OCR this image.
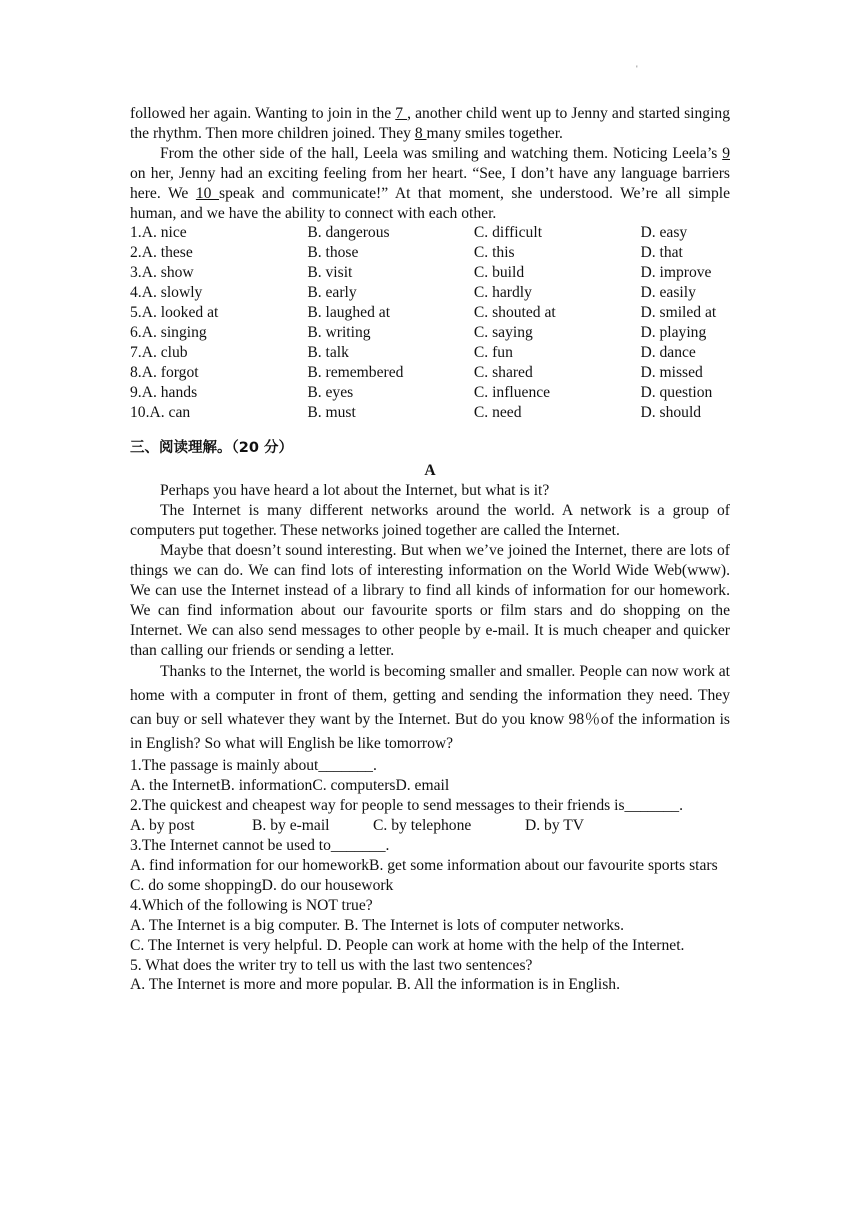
'

followed her again. Wanting to join in the 7 , another child went up to Jenny and started singing the rhythm. Then more children joined. They 8 many smiles together.

From the other side of the hall, Leela was smiling and watching them. Noticing Leela’s 9 on her, Jenny had an exciting feeling from her heart. “See, I don’t have any language barriers here. We 10 speak and communicate!” At that moment, she understood. We’re all simple human, and we have the ability to connect with each other.

1.A. nice	B. dangerous	C. difficult	D. easy
2.A. these	B. those	C. this	D. that
3.A. show	B. visit	C. build	D. improve
4.A. slowly	B. early	C. hardly	D. easily
5.A. looked at	B. laughed at	C. shouted at	D. smiled at
6.A. singing	B. writing	C. saying	D. playing
7.A. club	B. talk	C. fun	D. dance
8.A. forgot	B. remembered	C. shared	D. missed
9.A. hands	B. eyes	C. influence	D. question
10.A. can	B. must	C. need	D. should
三、阅读理解。（20 分）
A

Perhaps you have heard a lot about the Internet, but what is it?

The Internet is many different networks around the world. A network is a group of computers put together. These networks joined together are called the Internet.

Maybe that doesn’t sound interesting. But when we’ve joined the Internet, there are lots of things we can do. We can find lots of interesting information on the World Wide Web(www). We can use the Internet instead of a library to find all kinds of information for our homework. We can find information about our favourite sports or film stars and do shopping on the Internet. We can also send messages to other people by e-mail. It is much cheaper and quicker than calling our friends or sending a letter.

Thanks to the Internet, the world is becoming smaller and smaller. People can now work at home with a computer in front of them, getting and sending the information they need. They can buy or sell whatever they want by the Internet. But do you know 98％of the information is in English? So what will English be like tomorrow?

1.The passage is mainly about_______.

A. the InternetB. informationC. computersD. email

2.The quickest and cheapest way for people to send messages to their friends is_______.

A. by post	B. by e-mail	C. by telephone	D. by TV

3.The Internet cannot be used to_______.

A. find information for our homeworkB. get some information about our favourite sports stars

C. do some shoppingD. do our housework

4.Which of the following is NOT true?

A. The Internet is a big computer. B. The Internet is lots of computer networks.

C. The Internet is very helpful. D. People can work at home with the help of the Internet.

5. What does the writer try to tell us with the last two sentences?

A. The Internet is more and more popular. B. All the information is in English.
